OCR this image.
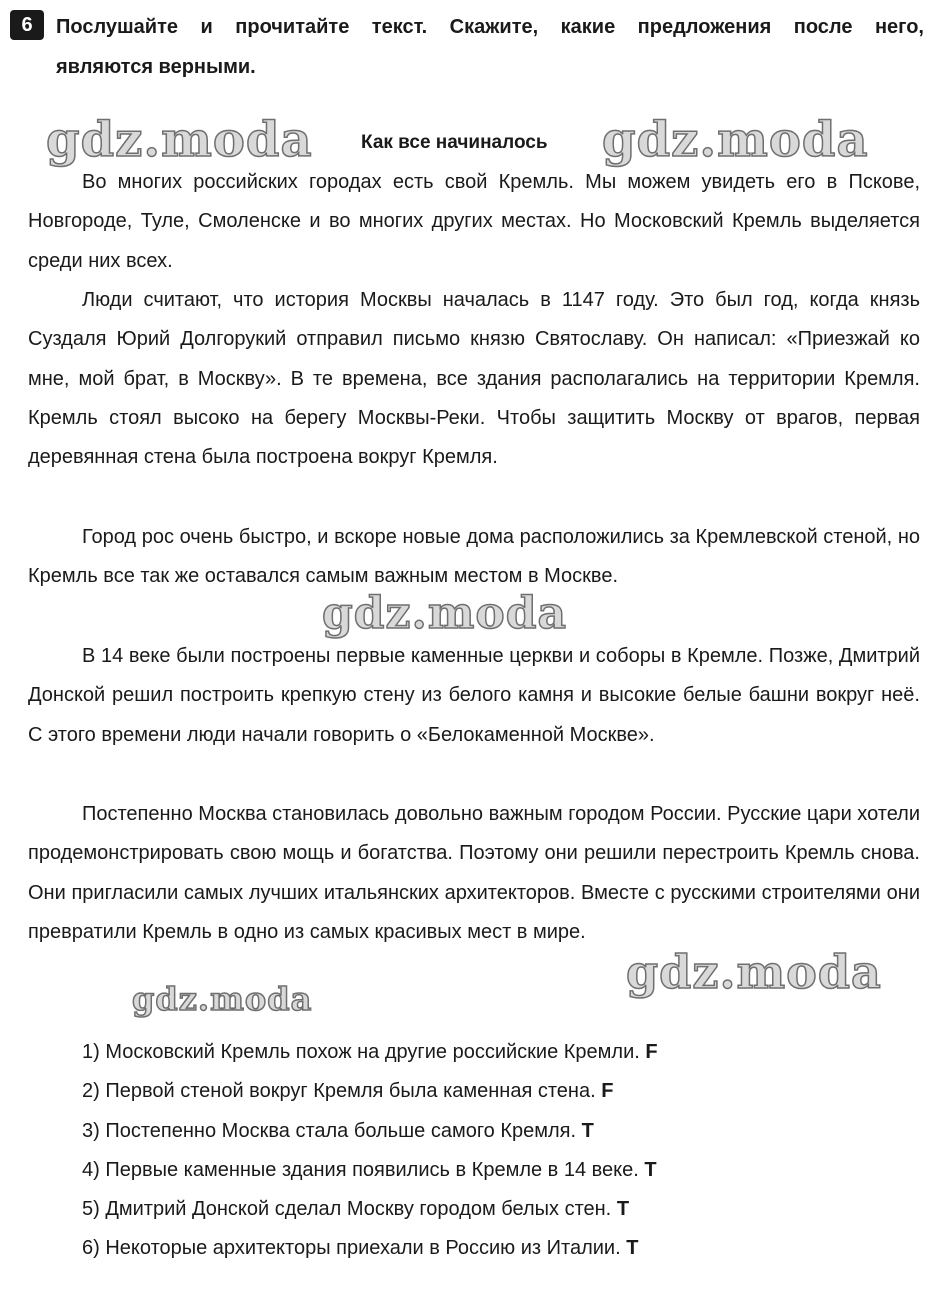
6	Послушайте и прочитайте текст. Скажите, какие предложения после него,
являются верными.
Как все начиналось

Во многих российских городах есть свой Кремль. Мы можем увидеть его в Пскове, Новгороде, Туле, Смоленске и во многих других местах. Но Московский Кремль выделяется среди них всех.

Люди считают, что история Москвы началась в 1147 году. Это был год, когда князь Суздаля Юрий Долгорукий отправил письмо князю Святославу. Он написал: «Приезжай ко мне, мой брат, в Москву». В те времена, все здания располагались на территории Кремля. Кремль стоял высоко на берегу Москвы-Реки. Чтобы защитить Москву от врагов, первая деревянная стена была построена вокруг Кремля.

Город рос очень быстро, и вскоре новые дома расположились за Кремлевской стеной, но Кремль все так же оставался самым важным местом в Москве.

В 14 веке были построены первые каменные церкви и соборы в Кремле. Позже, Дмитрий Донской решил построить крепкую стену из белого камня и высокие белые башни вокруг неё. С этого времени люди начали говорить о «Белокаменной Москве».

Постепенно Москва становилась довольно важным городом России. Русские цари хотели продемонстрировать свою мощь и богатства. Поэтому они решили перестроить Кремль снова. Они пригласили самых лучших итальянских архитекторов. Вместе с русскими строителями они превратили Кремль в одно из самых красивых мест в мире.

1) Московский Кремль похож на другие российские Кремли. F
2) Первой стеной вокруг Кремля была каменная стена. F
3) Постепенно Москва стала больше самого Кремля. T
4) Первые каменные здания появились в Кремле в 14 веке. T
5) Дмитрий Донской сделал Москву городом белых стен. T
6) Некоторые архитекторы приехали в Россию из Италии. T
gdz.moda	gdz.moda
gdz.moda
gdz.moda
gdz.moda
